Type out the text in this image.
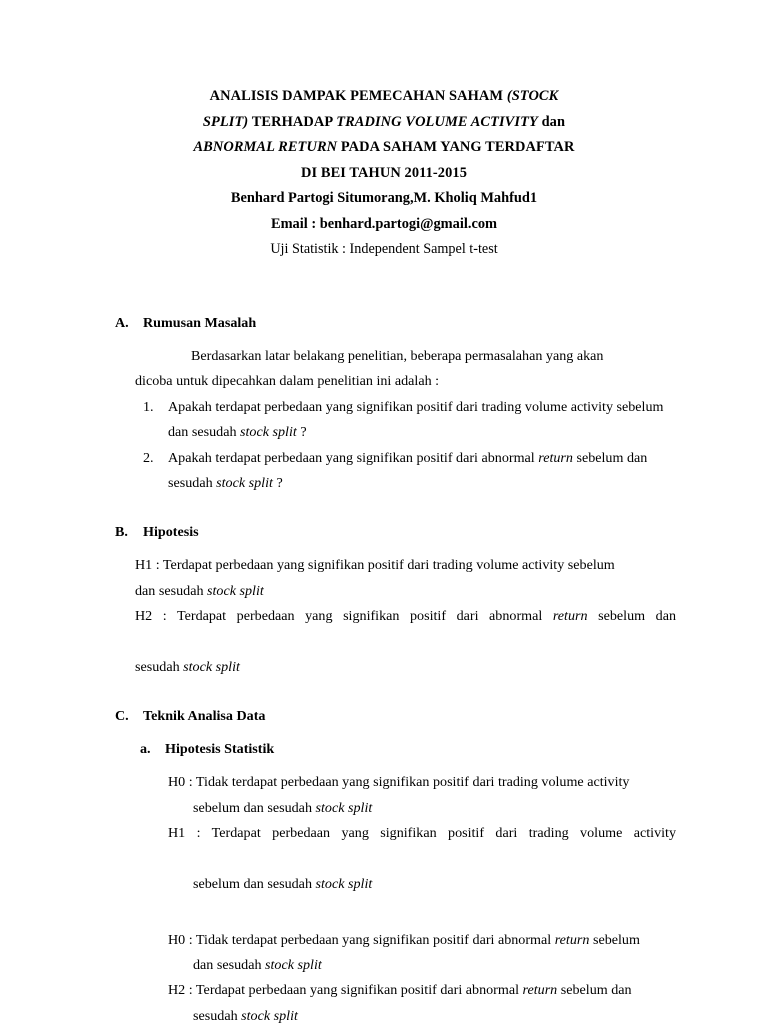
ANALISIS DAMPAK PEMECAHAN SAHAM (STOCK
SPLIT) TERHADAP TRADING VOLUME ACTIVITY dan
ABNORMAL RETURN PADA SAHAM YANG TERDAFTAR
DI BEI TAHUN 2011-2015
Benhard Partogi Situmorang,M. Kholiq Mahfud1
Email : benhard.partogi@gmail.com
Uji Statistik : Independent Sampel t-test
A. Rumusan Masalah

Berdasarkan latar belakang penelitian, beberapa permasalahan yang akan

dicoba untuk dipecahkan dalam penelitian ini adalah :

1. Apakah terdapat perbedaan yang signifikan positif dari trading volume activity sebelum dan sesudah stock split ?
2. Apakah terdapat perbedaan yang signifikan positif dari abnormal return sebelum dan sesudah stock split ?
B. Hipotesis
H1 : Terdapat perbedaan yang signifikan positif dari trading volume activity sebelum
dan sesudah stock split
H2 : Terdapat perbedaan yang signifikan positif dari abnormal return sebelum dan
sesudah stock split
C. Teknik Analisa Data
a. Hipotesis Statistik
H0 : Tidak terdapat perbedaan yang signifikan positif dari trading volume activity
sebelum dan sesudah stock split
H1 : Terdapat perbedaan yang signifikan positif dari trading volume activity
sebelum dan sesudah stock split
H0 : Tidak terdapat perbedaan yang signifikan positif dari abnormal return sebelum
dan sesudah stock split
H2 : Terdapat perbedaan yang signifikan positif dari abnormal return sebelum dan
sesudah stock split
